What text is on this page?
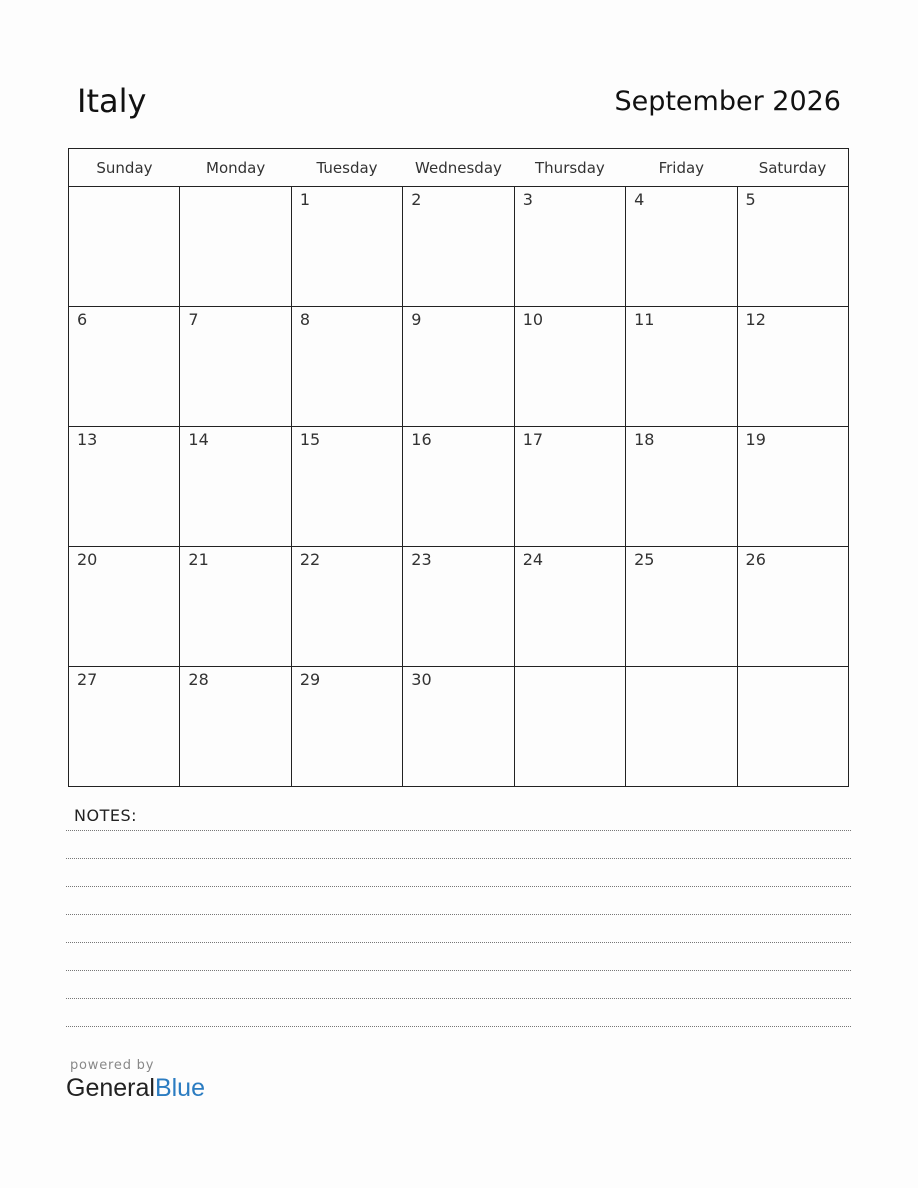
Italy	September 2026
Sunday	Monday	Tuesday	Wednesday	Thursday	Friday	Saturday
		1	2	3	4	5
6	7	8	9	10	11	12
13	14	15	16	17	18	19
20	21	22	23	24	25	26
27	28	29	30			
NOTES:
powered by
GeneralBlue
